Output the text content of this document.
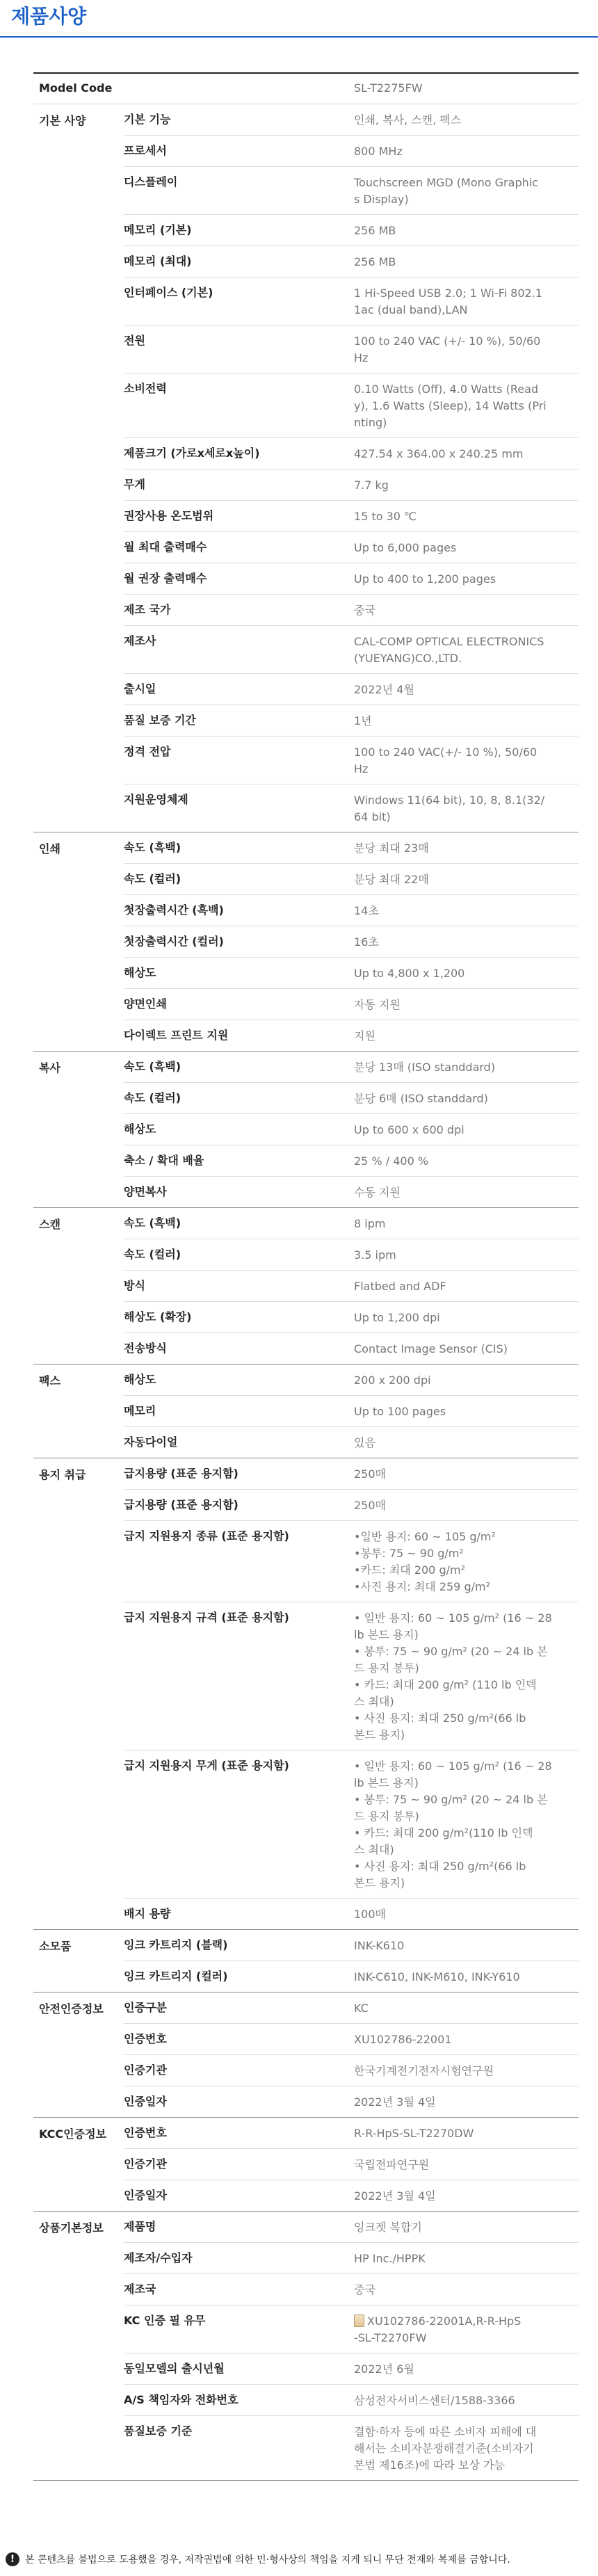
제품사양
Model Code	SL-T2275FW
기본 사양	기본 기능	인쇄, 복사, 스캔, 팩스
프로세서	800 MHz
디스플레이	Touchscreen MGD (Mono Graphic
s Display)
메모리 (기본)	256 MB
메모리 (최대)	256 MB
인터페이스 (기본)	1 Hi-Speed USB 2.0; 1 Wi-Fi 802.1
1ac (dual band),LAN
전원	100 to 240 VAC (+/- 10 %), 50/60
Hz
소비전력	0.10 Watts (Off), 4.0 Watts (Read
y), 1.6 Watts (Sleep), 14 Watts (Pri
nting)
제품크기 (가로x세로x높이)	427.54 x 364.00 x 240.25 mm
무게	7.7 kg
권장사용 온도범위	15 to 30 ℃
월 최대 출력매수	Up to 6,000 pages
월 권장 출력매수	Up to 400 to 1,200 pages
제조 국가	중국
제조사	CAL-COMP OPTICAL ELECTRONICS
(YUEYANG)CO.,LTD.
출시일	2022년 4월
품질 보증 기간	1년
정격 전압	100 to 240 VAC(+/- 10 %), 50/60
Hz
지원운영체제	Windows 11(64 bit), 10, 8, 8.1(32/
64 bit)
인쇄	속도 (흑백)	분당 최대 23매
속도 (컬러)	분당 최대 22매
첫장출력시간 (흑백)	14초
첫장출력시간 (컬러)	16초
해상도	Up to 4,800 x 1,200
양면인쇄	자동 지원
다이렉트 프린트 지원	지원
복사	속도 (흑백)	분당 13매 (ISO standdard)
속도 (컬러)	분당 6매 (ISO standdard)
해상도	Up to 600 x 600 dpi
축소 / 확대 배율	25 % / 400 %
양면복사	수동 지원
스캔	속도 (흑백)	8 ipm
속도 (컬러)	3.5 ipm
방식	Flatbed and ADF
해상도 (확장)	Up to 1,200 dpi
전송방식	Contact Image Sensor (CIS)
팩스	해상도	200 x 200 dpi
메모리	Up to 100 pages
자동다이얼	있음
용지 취급	급지용량 (표준 용지함)	250매
급지용량 (표준 용지함)	250매
급지 지원용지 종류 (표준 용지함)
•	일반 용지: 60 ~ 105 g/m²
• 봉투: 75 ~ 90 g/m²
• 카드: 최대 200 g/m²
• 사진 용지: 최대 259 g/m²
급지 지원용지 규격 (표준 용지함)	• 일반 용지: 60 ~ 105 g/m² (16 ~ 28
lb 본드 용지)
• 봉투: 75 ~ 90 g/m² (20 ~ 24 lb 본
드 용지 봉투)
• 카드: 최대 200 g/m² (110 lb 인덱
스 최대)
• 사진 용지: 최대 250 g/m²(66 lb
본드 용지)
급지 지원용지 무게 (표준 용지함)	• 일반 용지: 60 ~ 105 g/m² (16 ~ 28
lb 본드 용지)
• 봉투: 75 ~ 90 g/m² (20 ~ 24 lb 본
드 용지 봉투)
• 카드: 최대 200 g/m²(110 lb 인덱
스 최대)
• 사진 용지: 최대 250 g/m²(66 lb
본드 용지)
배지 용량	100매
소모품	잉크 카트리지 (블랙)	INK-K610
잉크 카트리지 (컬러)	INK-C610, INK-M610, INK-Y610
안전인증정보	인증구분	KC
인증번호	XU102786-22001
인증기관	한국기계전기전자시험연구원
인증일자	2022년 3월 4일
KCC인증정보	인증번호	R-R-HpS-SL-T2270DW
인증기관	국립전파연구원
인증일자	2022년 3월 4일
상품기본정보	제품명	잉크젯 복합기
제조자/수입자	HP Inc./HPPK
제조국	중국
KC 인증 필 유무	XU102786-22001A,R-R-HpS
-SL-T2270FW
동일모델의 출시년월	2022년 6월
A/S 책임자와 전화번호	삼성전자서비스센터/1588-3366
품질보증 기준	결함·하자 등에 따른 소비자 피해에 대
해서는 소비자분쟁해결기준(소비자기
본법 제16조)에 따라 보상 가능
!	본 콘텐츠를 불법으로 도용했을 경우, 저작권법에 의한 민·형사상의 책임을 지게 되니 무단 전재와 복제를 금합니다.
